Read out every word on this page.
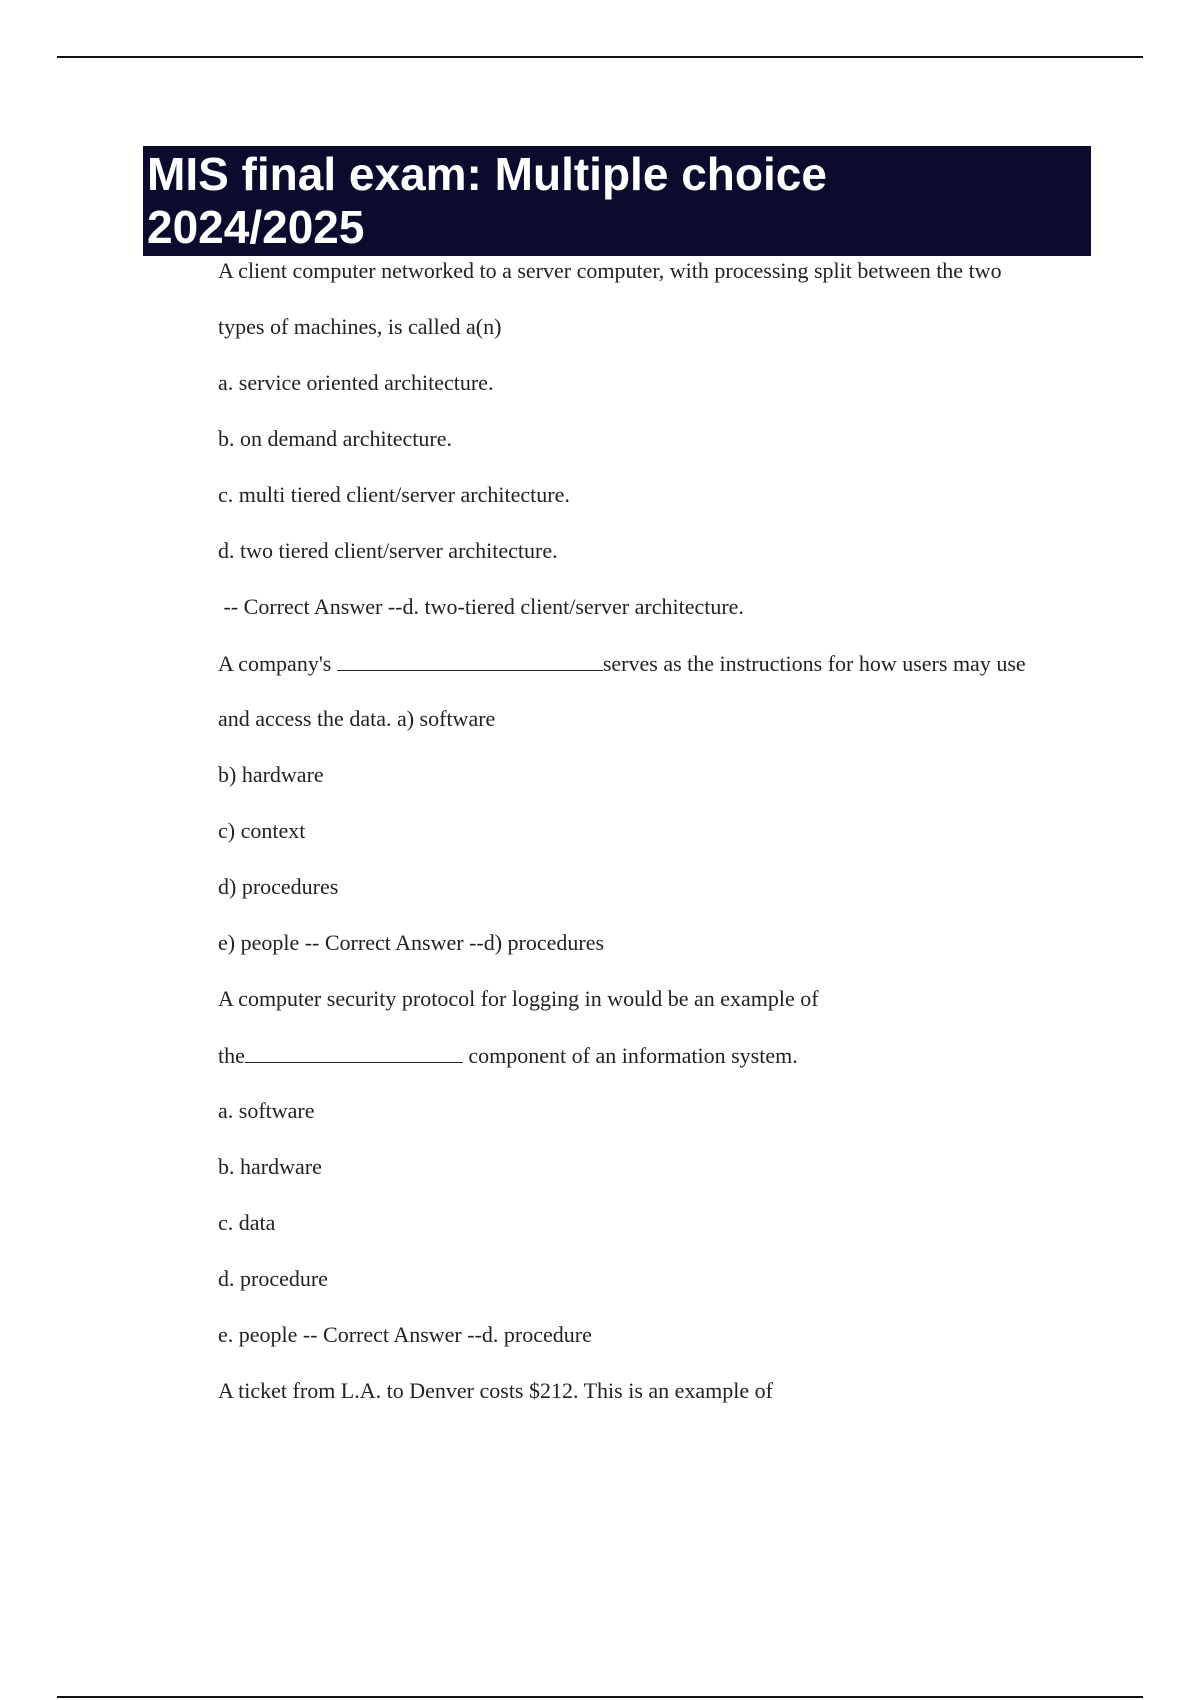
MIS final exam: Multiple choice 2024/2025
A client computer networked to a server computer, with processing split between the two
types of machines, is called a(n)
a. service oriented architecture.
b. on demand architecture.
c. multi tiered client/server architecture.
d. two tiered client/server architecture.
-- Correct Answer --d. two-tiered client/server architecture.
A company's	serves as the instructions for how users may use
and access the data. a) software
b) hardware
c) context
d) procedures
e) people -- Correct Answer --d) procedures
A computer security protocol for logging in would be an example of
the	component of an information system.
a. software
b. hardware
c. data
d. procedure
e. people -- Correct Answer --d. procedure
A ticket from L.A. to Denver costs $212. This is an example of
